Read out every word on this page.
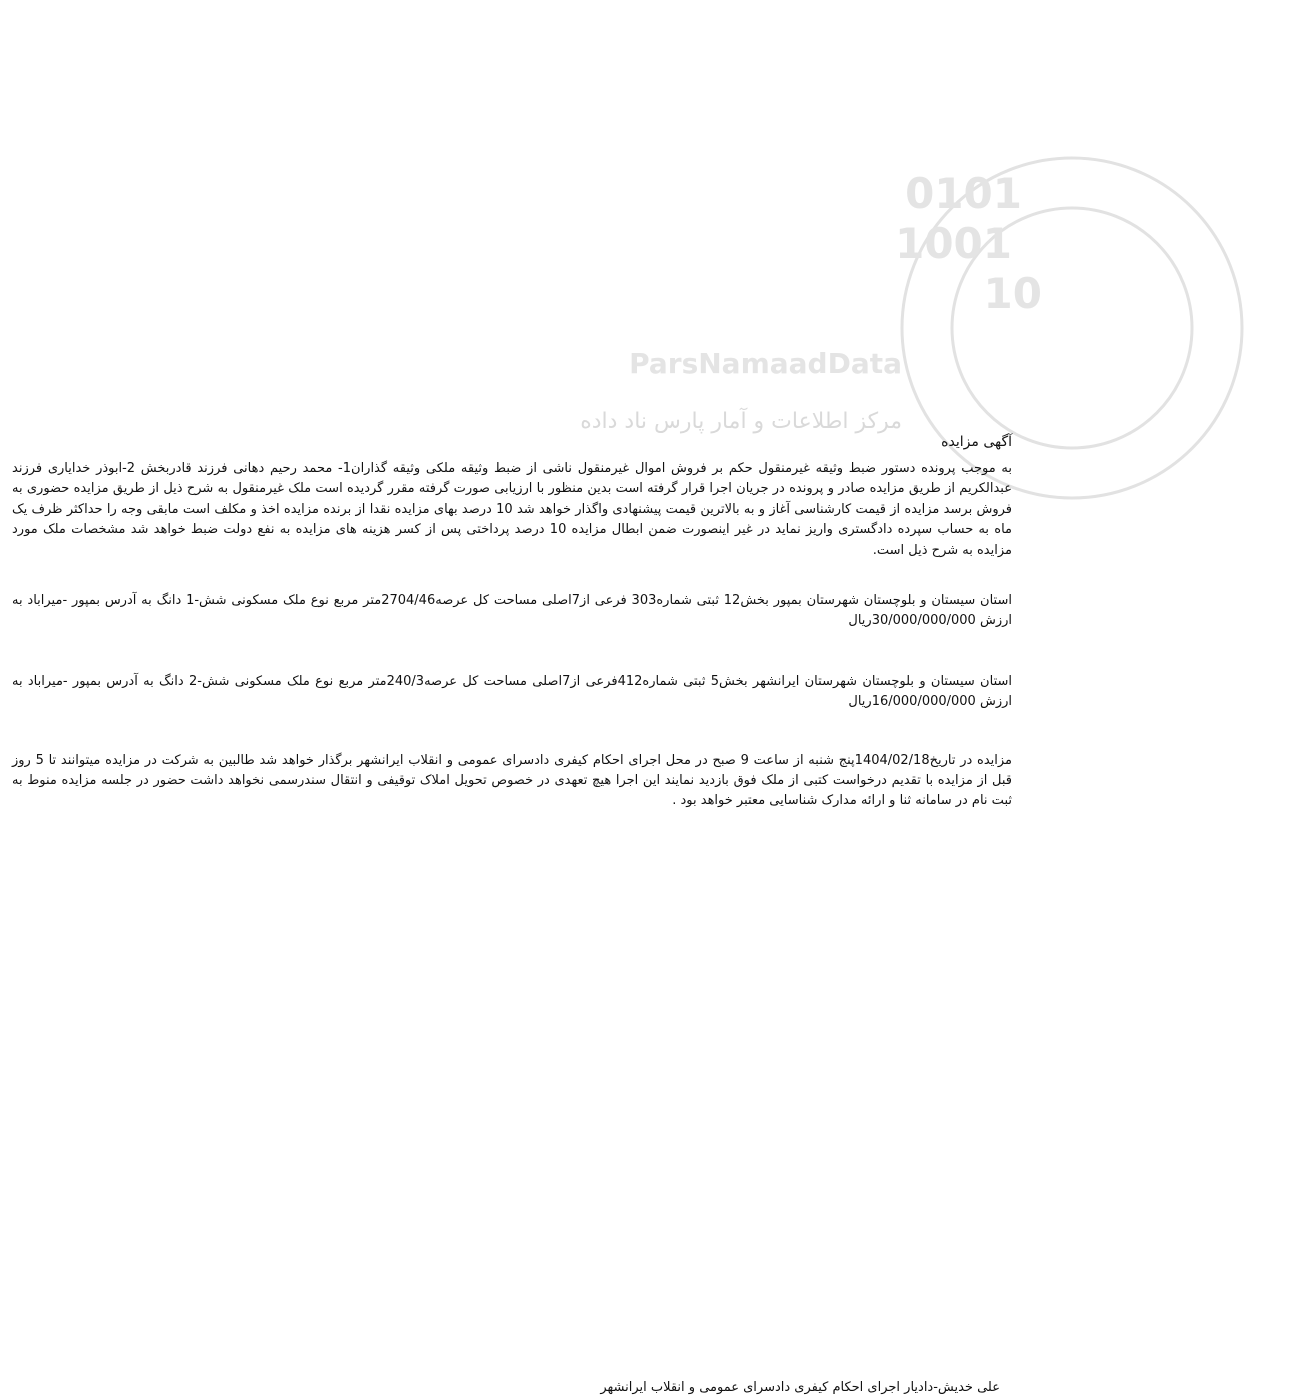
0101
1001
10
ParsNamaadData
مرکز اطلاعات و آمار پارس ناد داده
آگهی مزایده

به موجب پرونده دستور ضبط وثیقه غیرمنقول حکم بر فروش اموال غیرمنقول ناشی از ضبط وثیقه ملکی وثیقه گذاران1- محمد رحیم دهانی فرزند قادربخش 2-ابوذر خدایاری فرزند عبدالکریم از طریق مزایده صادر و پرونده در جریان اجرا قرار گرفته است بدین منظور با ارزیابی صورت گرفته مقرر گردیده است ملک غیرمنقول به شرح ذیل از طریق مزایده حضوری به فروش برسد مزایده از قیمت کارشناسی آغاز و به بالاترین قیمت پیشنهادی واگذار خواهد شد 10 درصد بهای مزایده نقدا از برنده مزایده اخذ و مکلف است مابقی وجه را حداکثر ظرف یک ماه به حساب سپرده دادگستری واریز نماید در غیر اینصورت ضمن ابطال مزایده 10 درصد پرداختی پس از کسر هزینه های مزایده به نفع دولت ضبط خواهد شد مشخصات ملک مورد مزایده به شرح ذیل است.

استان سیستان و بلوچستان شهرستان بمپور بخش12 ثبتی شماره303 فرعی از7اصلی مساحت کل عرصه2704/46متر مربع نوع ملک مسکونی شش-1 دانگ به آدرس بمپور -میراباد به ارزش 30/000/000/000ریال

استان سیستان و بلوچستان شهرستان ایرانشهر بخش5 ثبتی شماره412فرعی از7اصلی مساحت کل عرصه240/3متر مربع نوع ملک مسکونی شش-2 دانگ به آدرس بمپور -میراباد به ارزش 16/000/000/000ریال

مزایده در تاریخ1404/02/18پنج شنبه از ساعت 9 صبح در محل اجرای احکام کیفری دادسرای عمومی و انقلاب ایرانشهر برگذار خواهد شد طالبین به شرکت در مزایده میتوانند تا 5 روز قبل از مزایده با تقدیم درخواست کتبی از ملک فوق بازدید نمایند این اجرا هیچ تعهدی در خصوص تحویل املاک توقیفی و انتقال سندرسمی نخواهد داشت حضور در جلسه مزایده منوط به ثبت نام در سامانه ثنا و ارائه مدارک شناسایی معتبر خواهد بود .

علی خدیش-دادیار اجرای احکام کیفری دادسرای عمومی و انقلاب ایرانشهر
